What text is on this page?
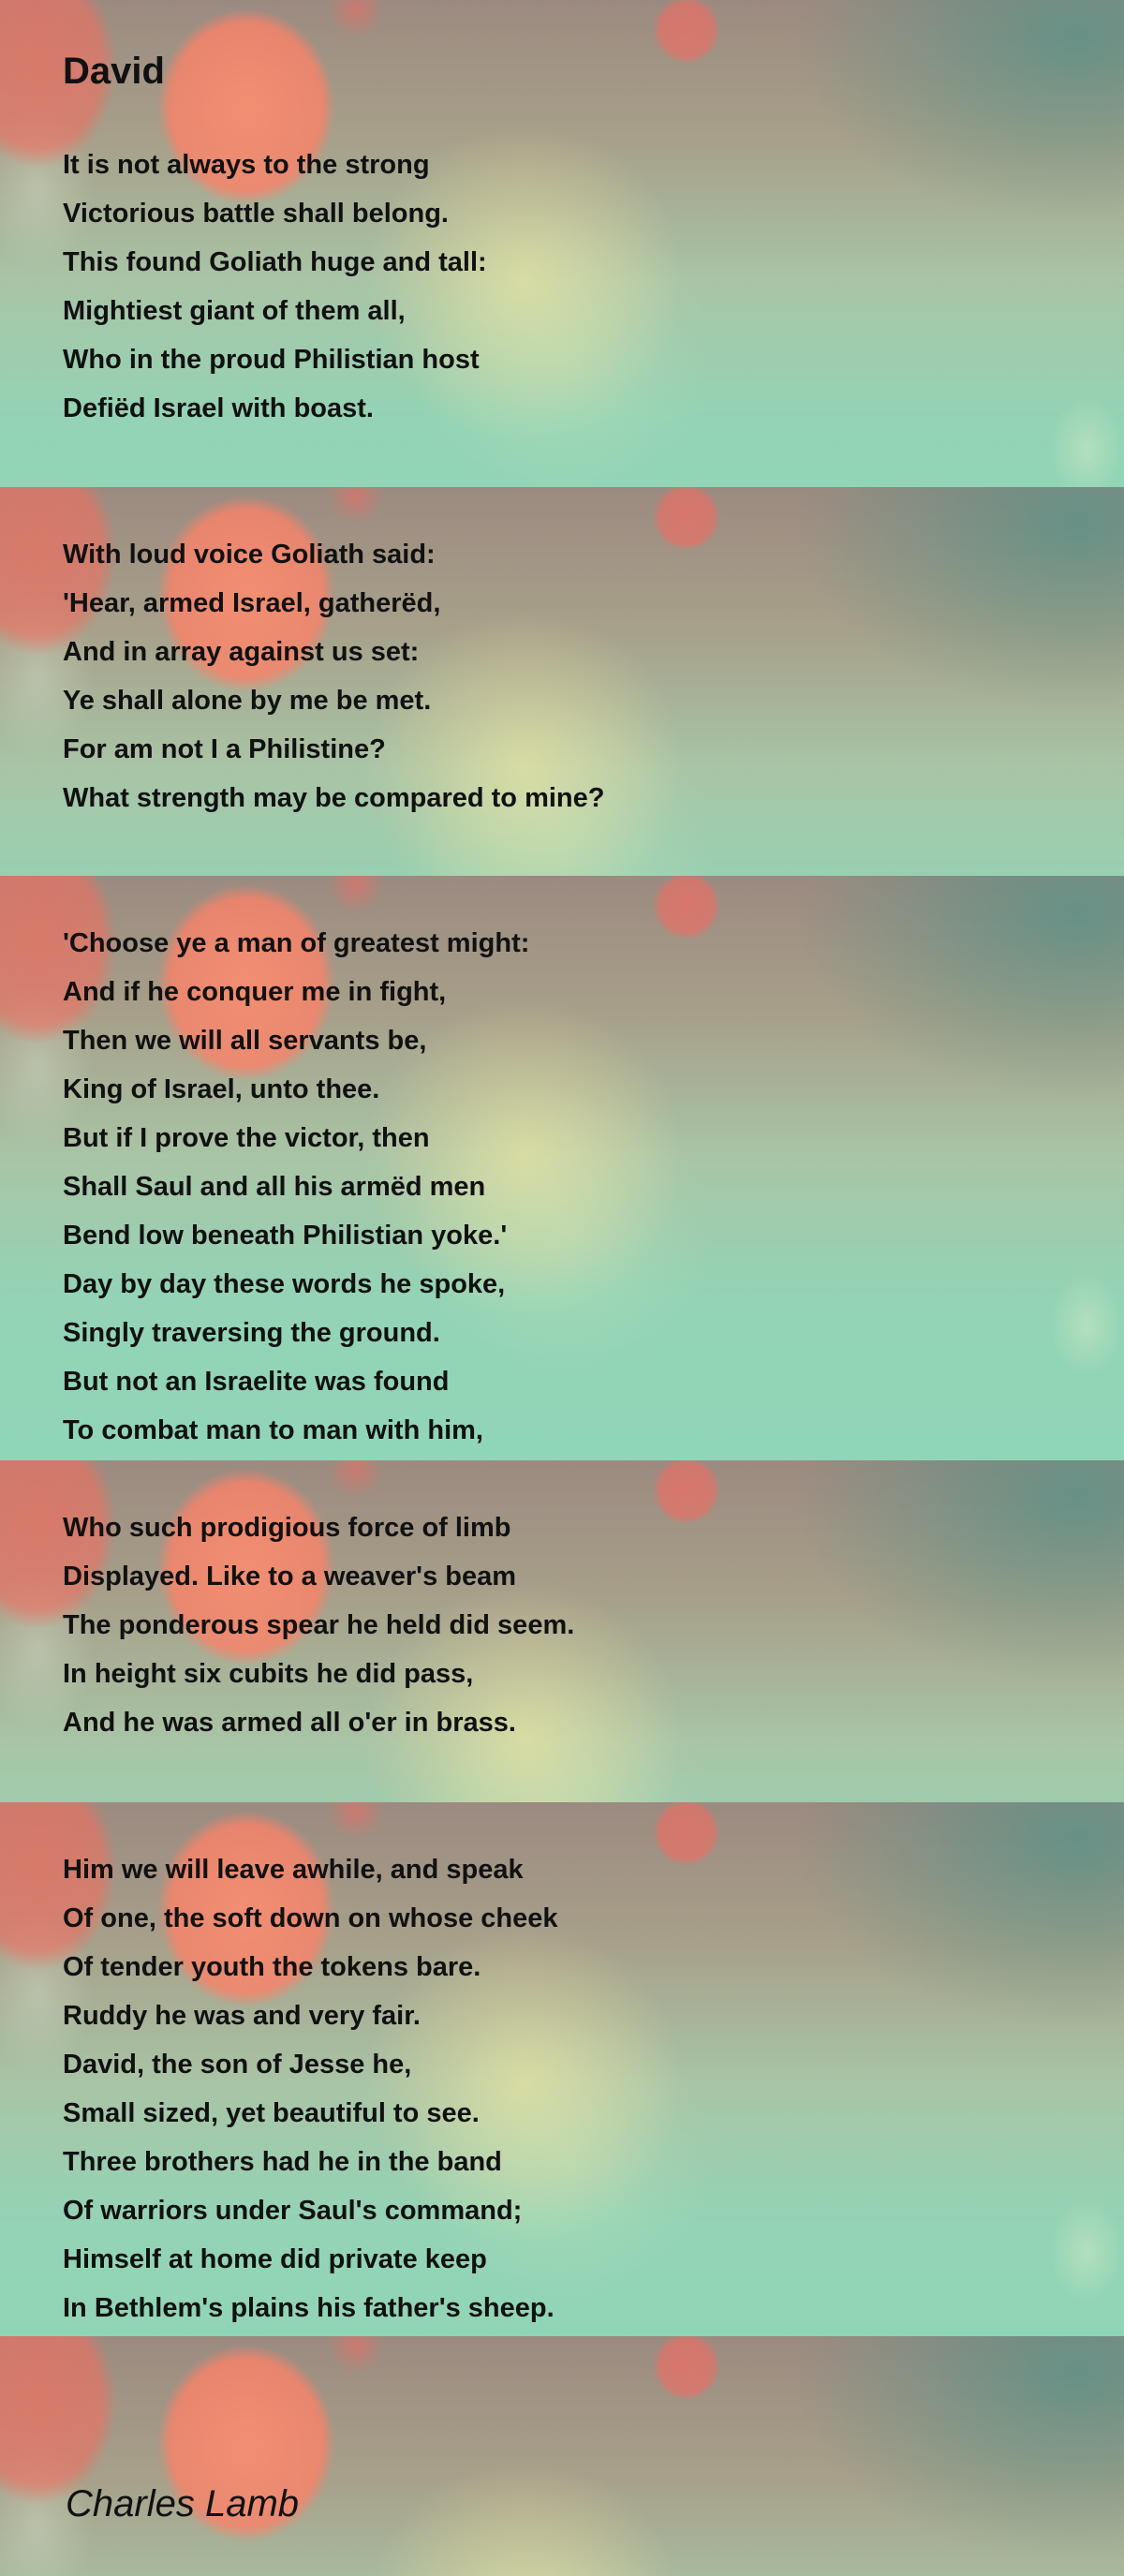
David
It is not always to the strong
Victorious battle shall belong.
This found Goliath huge and tall:
Mightiest giant of them all,
Who in the proud Philistian host
Defiëd Israel with boast.
With loud voice Goliath said:
'Hear, armed Israel, gatherëd,
And in array against us set:
Ye shall alone by me be met.
For am not I a Philistine?
What strength may be compared to mine?
'Choose ye a man of greatest might:
And if he conquer me in fight,
Then we will all servants be,
King of Israel, unto thee.
But if I prove the victor, then
Shall Saul and all his armëd men
Bend low beneath Philistian yoke.'
Day by day these words he spoke,
Singly traversing the ground.
But not an Israelite was found
To combat man to man with him,
Who such prodigious force of limb
Displayed. Like to a weaver's beam
The ponderous spear he held did seem.
In height six cubits he did pass,
And he was armed all o'er in brass.
Him we will leave awhile, and speak
Of one, the soft down on whose cheek
Of tender youth the tokens bare.
Ruddy he was and very fair.
David, the son of Jesse he,
Small sized, yet beautiful to see.
Three brothers had he in the band
Of warriors under Saul's command;
Himself at home did private keep
In Bethlem's plains his father's sheep.

Charles Lamb
